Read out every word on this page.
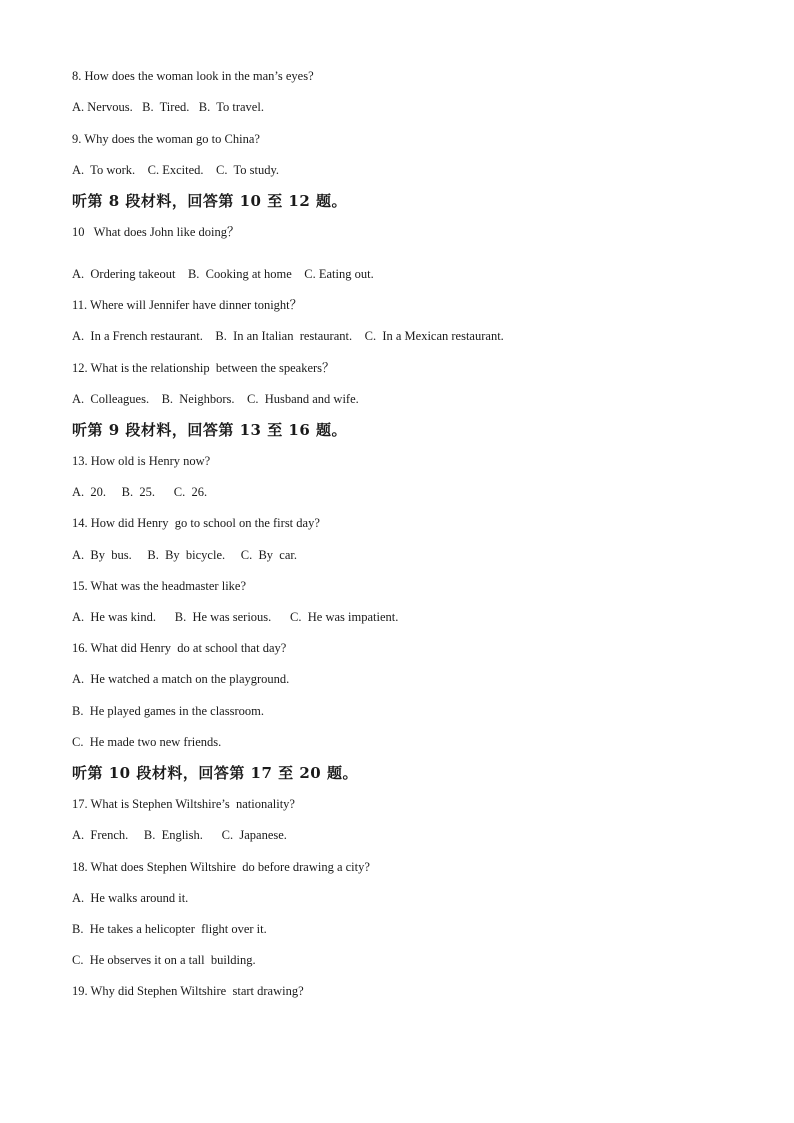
8. How does the woman look in the man’s eyes?
A. Nervous.   B.  Tired.   B.  To travel.
9. Why does the woman go to China?
A.  To work.    C. Excited.    C.  To study.
听第 8 段材料，回答第 10 至 12 题。
10   What does John like doing？
A.  Ordering takeout    B.  Cooking at home    C. Eating out.
11. Where will Jennifer have dinner tonight？
A.  In a French restaurant.    B.  In an Italian  restaurant.    C.  In a Mexican restaurant.
12. What is the relationship  between the speakers？
A.  Colleagues.    B.  Neighbors.    C.  Husband and wife.
听第 9 段材料，回答第 13 至 16 题。
13. How old is Henry now?
A.  20.     B.  25.      C.  26.
14. How did Henry  go to school on the first day?
A.  By  bus.     B.  By  bicycle.     C.  By  car.
15. What was the headmaster like?
A.  He was kind.      B.  He was serious.      C.  He was impatient.
16. What did Henry  do at school that day?
A.  He watched a match on the playground.
B.  He played games in the classroom.
C.  He made two new friends.
听第 10 段材料，回答第 17 至 20 题。
17. What is Stephen Wiltshire’s  nationality?
A.  French.     B.  English.      C.  Japanese.
18. What does Stephen Wiltshire  do before drawing a city?
A.  He walks around it.
B.  He takes a helicopter  flight over it.
C.  He observes it on a tall  building.
19. Why did Stephen Wiltshire  start drawing?
